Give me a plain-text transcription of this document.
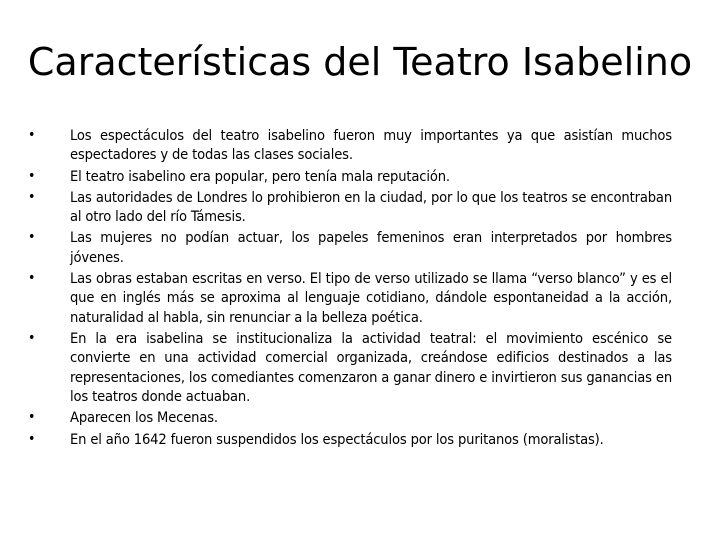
Características del Teatro Isabelino
•	Los espectáculos del teatro isabelino fueron muy importantes ya que asistían muchos espectadores y de todas las clases sociales.
•	El teatro isabelino era popular, pero tenía mala reputación.
•	Las autoridades de Londres lo prohibieron en la ciudad, por lo que los teatros se encontraban al otro lado del río Támesis.
•	Las mujeres no podían actuar, los papeles femeninos eran interpretados por hombres jóvenes.
•	Las obras estaban escritas en verso. El tipo de verso utilizado se llama “verso blanco” y es el que en inglés más se aproxima al lenguaje cotidiano, dándole espontaneidad a la acción, naturalidad al habla, sin renunciar a la belleza poética.
•	En la era isabelina se institucionaliza la actividad teatral: el movimiento escénico se convierte en una actividad comercial organizada, creándose edificios destinados a las representaciones, los comediantes comenzaron a ganar dinero e invirtieron sus ganancias en los teatros donde actuaban.
•	Aparecen los Mecenas.
•	En el año 1642 fueron suspendidos los espectáculos por los puritanos (moralistas).
